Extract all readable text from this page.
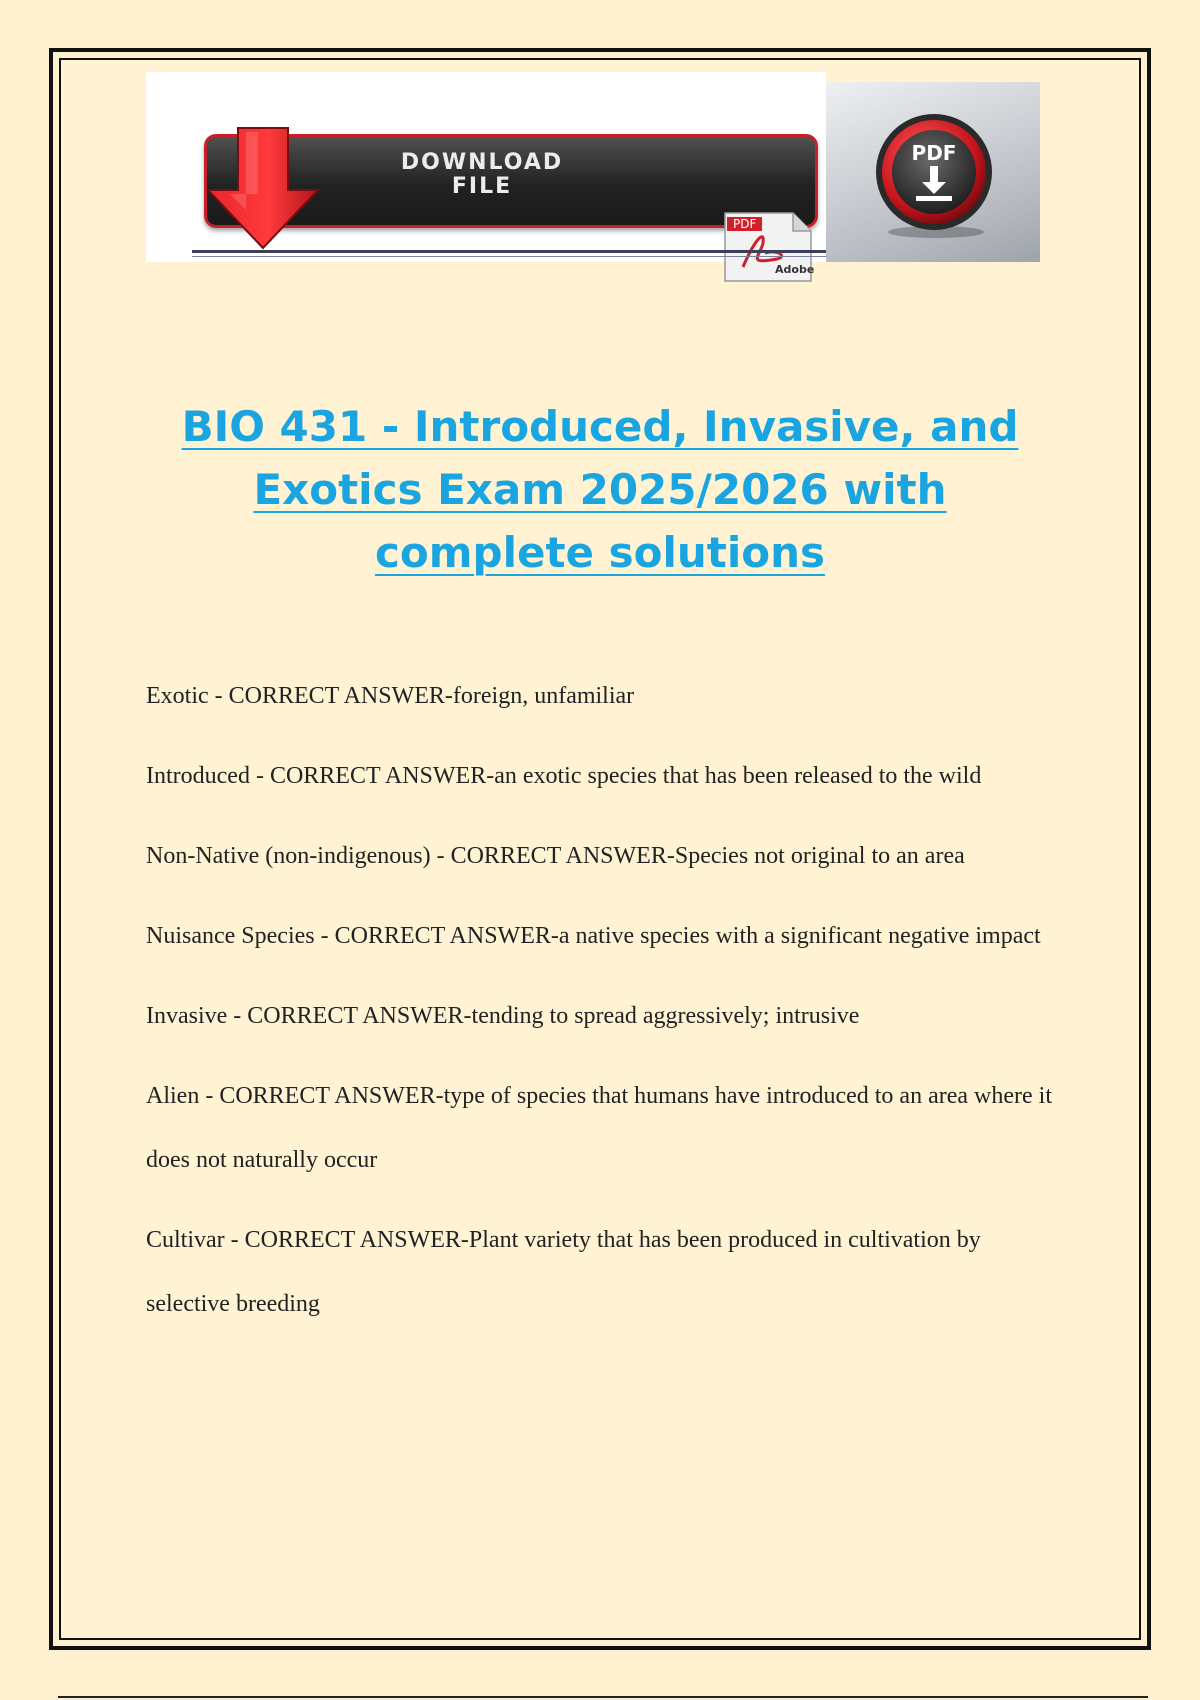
DOWNLOAD
FILE
PDF
Adobe
PDF
BIO 431 - Introduced, Invasive, and Exotics Exam 2025/2026 with complete solutions
Exotic - CORRECT ANSWER-foreign, unfamiliar
Introduced - CORRECT ANSWER-an exotic species that has been released to the wild
Non-Native (non-indigenous) - CORRECT ANSWER-Species not original to an area
Nuisance Species - CORRECT ANSWER-a native species with a significant negative impact
Invasive - CORRECT ANSWER-tending to spread aggressively; intrusive
Alien - CORRECT ANSWER-type of species that humans have introduced to an area where it does not naturally occur
Cultivar - CORRECT ANSWER-Plant variety that has been produced in cultivation by selective breeding
